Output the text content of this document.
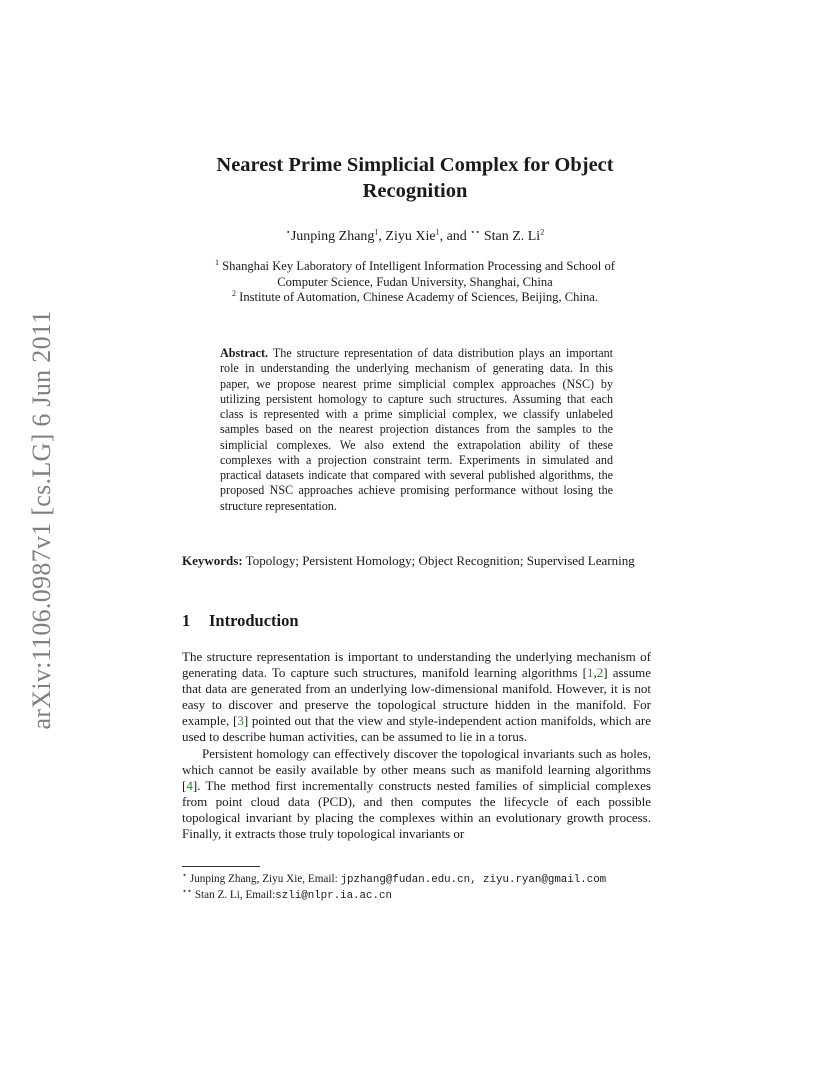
arXiv:1106.0987v1 [cs.LG] 6 Jun 2011
Nearest Prime Simplicial Complex for Object
Recognition
⋆Junping Zhang$^1$, Ziyu Xie$^1$, and ⋆⋆ Stan Z. Li$^2$
$^1$ Shanghai Key Laboratory of Intelligent Information Processing and School of
Computer Science, Fudan University, Shanghai, China
$^2$ Institute of Automation, Chinese Academy of Sciences, Beijing, China.
Abstract. The structure representation of data distribution plays an important role in understanding the underlying mechanism of generating data. In this paper, we propose nearest prime simplicial complex approaches (NSC) by utilizing persistent homology to capture such structures. Assuming that each class is represented with a prime simplicial complex, we classify unlabeled samples based on the nearest projection distances from the samples to the simplicial complexes. We also extend the extrapolation ability of these complexes with a projection constraint term. Experiments in simulated and practical datasets indicate that compared with several published algorithms, the proposed NSC approaches achieve promising performance without losing the structure representation.
Keywords: Topology; Persistent Homology; Object Recognition; Supervised Learning
1 Introduction

The structure representation is important to understanding the underlying mechanism of generating data. To capture such structures, manifold learning algorithms [1,2] assume that data are generated from an underlying low-dimensional manifold. However, it is not easy to discover and preserve the topological structure hidden in the manifold. For example, [3] pointed out that the view and style-independent action manifolds, which are used to describe human activities, can be assumed to lie in a torus.

Persistent homology can effectively discover the topological invariants such as holes, which cannot be easily available by other means such as manifold learning algorithms [4]. The method first incrementally constructs nested families of simplicial complexes from point cloud data (PCD), and then computes the lifecycle of each possible topological invariant by placing the complexes within an evolutionary growth process. Finally, it extracts those truly topological invariants or

⋆ Junping Zhang, Ziyu Xie, Email: jpzhang@fudan.edu.cn, ziyu.ryan@gmail.com
⋆⋆ Stan Z. Li, Email:szli@nlpr.ia.ac.cn
